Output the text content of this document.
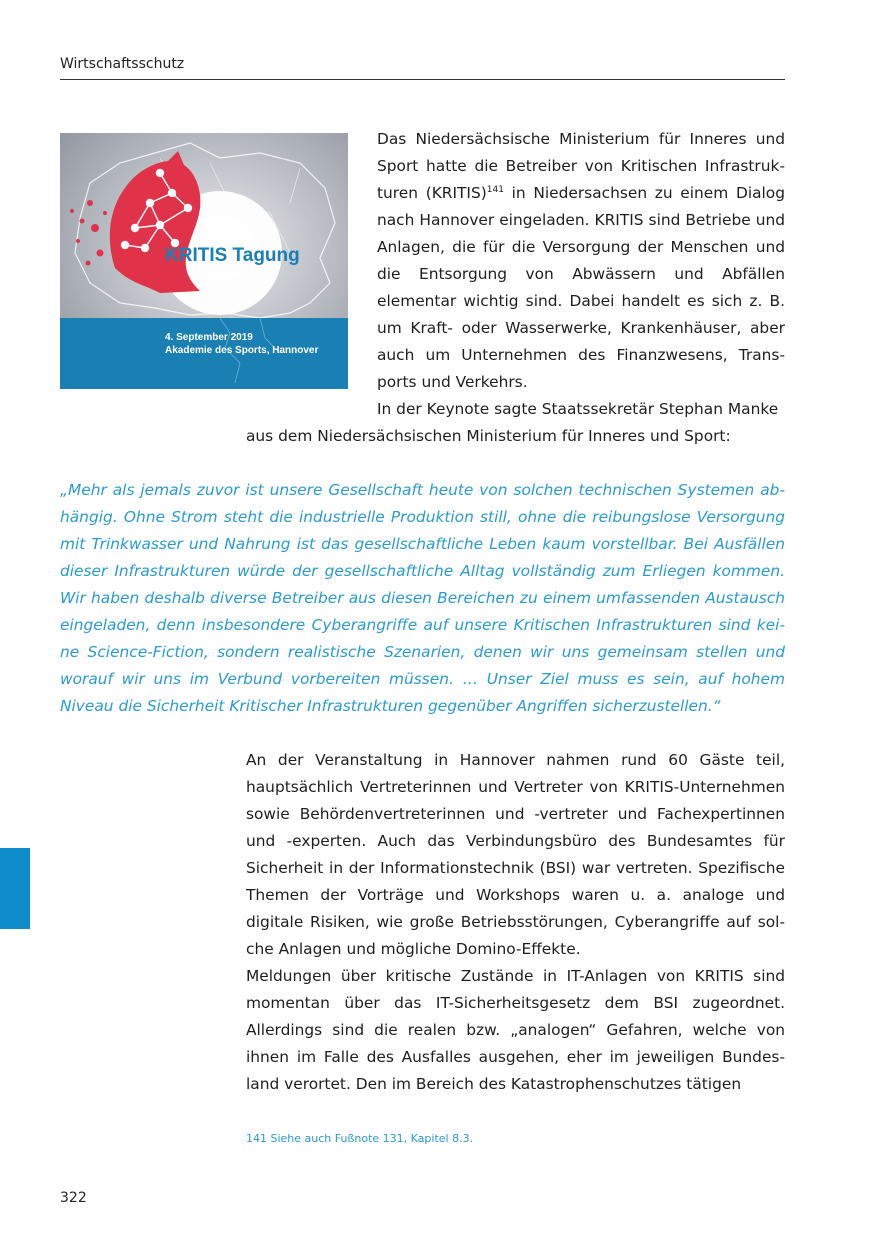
Wirtschaftsschutz
KRITIS Tagung
4. September 2019
Akademie des Sports, Hannover

Das Niedersächsische Ministerium für Inneres und Sport hatte die Betreiber von Kritischen Infrastrukturen (KRITIS)$^{141}$ in Niedersachsen zu einem Dialog nach Hannover eingeladen. KRITIS sind Betriebe und Anlagen, die für die Versorgung der Menschen und die Entsorgung von Abwässern und Abfällen elementar wichtig sind. Dabei handelt es sich z. B. um Kraft- oder Wasserwerke, Krankenhäuser, aber auch um Unternehmen des Finanzwesens, Transports und Verkehrs.

In der Keynote sagte Staatssekretär Stephan Manke

aus dem Niedersächsischen Ministerium für Inneres und Sport:

„Mehr als jemals zuvor ist unsere Gesellschaft heute von solchen technischen Systemen abhängig. Ohne Strom steht die industrielle Produktion still, ohne die reibungslose Versorgung mit Trinkwasser und Nahrung ist das gesellschaftliche Leben kaum vorstellbar. Bei Ausfällen dieser Infrastrukturen würde der gesellschaftliche Alltag vollständig zum Erliegen kommen. Wir haben deshalb diverse Betreiber aus diesen Bereichen zu einem umfassenden Austausch eingeladen, denn insbesondere Cyberangriffe auf unsere Kritischen Infrastrukturen sind keine Science-Fiction, sondern realistische Szenarien, denen wir uns gemeinsam stellen und worauf wir uns im Verbund vorbereiten müssen. … Unser Ziel muss es sein, auf hohem Niveau die Sicherheit Kritischer Infrastrukturen gegenüber Angriffen sicherzustellen.“

An der Veranstaltung in Hannover nahmen rund 60 Gäste teil, hauptsächlich Vertreterinnen und Vertreter von KRITIS-Unternehmen sowie Behördenvertreterinnen und -vertreter und Fachexpertinnen und -experten. Auch das Verbindungsbüro des Bundesamtes für Sicherheit in der Informationstechnik (BSI) war vertreten. Spezifische Themen der Vorträge und Workshops waren u. a. analoge und digitale Risiken, wie große Betriebsstörungen, Cyberangriffe auf solche Anlagen und mögliche Domino-Effekte.

Meldungen über kritische Zustände in IT-Anlagen von KRITIS sind momentan über das IT-Sicherheitsgesetz dem BSI zugeordnet. Allerdings sind die realen bzw. „analogen“ Gefahren, welche von ihnen im Falle des Ausfalles ausgehen, eher im jeweiligen Bundesland verortet. Den im Bereich des Katastrophenschutzes tätigen

141 Siehe auch Fußnote 131, Kapitel 8.3.
322
